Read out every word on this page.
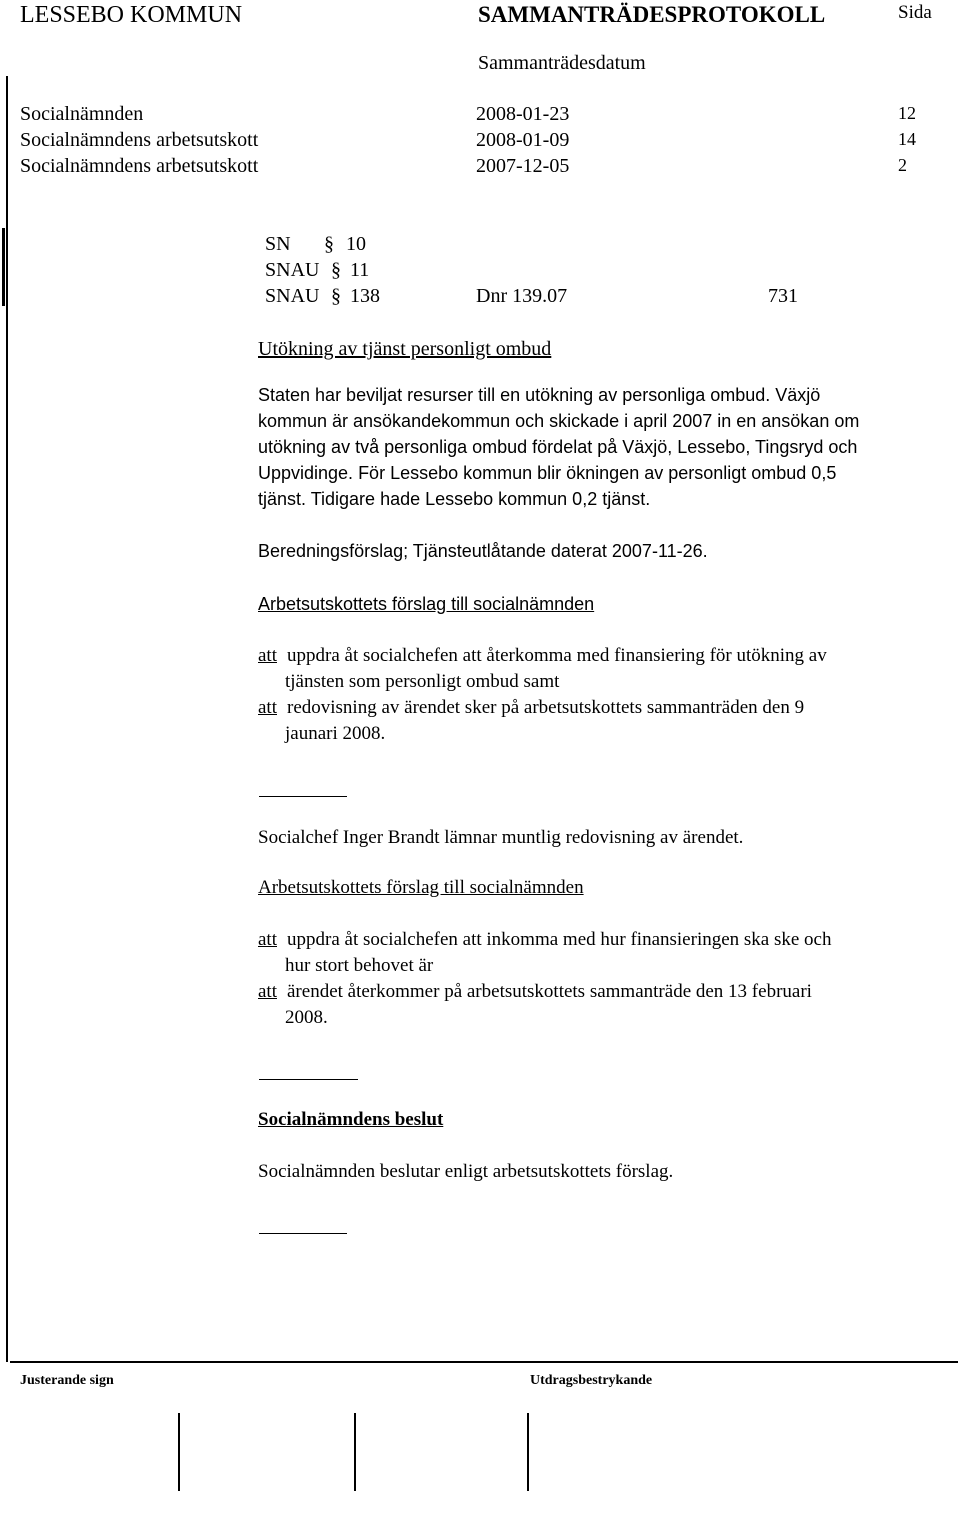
LESSEBO KOMMUN	SAMMANTRÄDESPROTOKOLL	Sida
Sammanträdesdatum
Socialnämnden	2008-01-23	12
Socialnämndens arbetsutskott	2008-01-09	14
Socialnämndens arbetsutskott	2007-12-05	2
SN § 10
SNAU § 11
SNAU § 138	Dnr 139.07	731
Utökning av tjänst personligt ombud
Staten har beviljat resurser till en utökning av personliga ombud. Växjö
kommun är ansökandekommun och skickade i april 2007 in en ansökan om
utökning av två personliga ombud fördelat på Växjö, Lessebo, Tingsryd och
Uppvidinge. För Lessebo kommun blir ökningen av personligt ombud 0,5
tjänst. Tidigare hade Lessebo kommun 0,2 tjänst.
Beredningsförslag; Tjänsteutlåtande daterat 2007-11-26.
Arbetsutskottets förslag till socialnämnden
att uppdra åt socialchefen att återkomma med finansiering för utökning av
tjänsten som personligt ombud samt
att redovisning av ärendet sker på arbetsutskottets sammanträden den 9
jaunari 2008.
Socialchef Inger Brandt lämnar muntlig redovisning av ärendet.
Arbetsutskottets förslag till socialnämnden
att uppdra åt socialchefen att inkomma med hur finansieringen ska ske och
hur stort behovet är
att ärendet återkommer på arbetsutskottets sammanträde den 13 februari
2008.
Socialnämndens beslut
Socialnämnden beslutar enligt arbetsutskottets förslag.
Justerande sign	Utdragsbestrykande
